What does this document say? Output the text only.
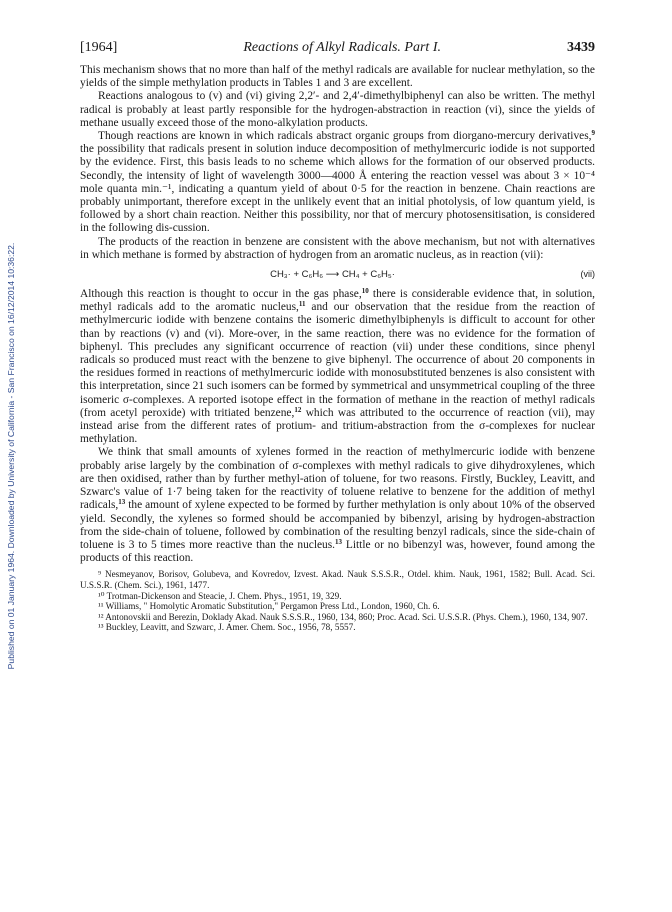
Published on 01 January 1964. Downloaded by University of California - San Francisco on 16/12/2014 10:36:22.
[1964]	Reactions of Alkyl Radicals. Part I.	3439

This mechanism shows that no more than half of the methyl radicals are available for nuclear methylation, so the yields of the simple methylation products in Tables 1 and 3 are excellent.

Reactions analogous to (v) and (vi) giving 2,2′- and 2,4′-dimethylbiphenyl can also be written. The methyl radical is probably at least partly responsible for the hydrogen-abstraction in reaction (vi), since the yields of methane usually exceed those of the mono-alkylation products.

Though reactions are known in which radicals abstract organic groups from diorgano-mercury derivatives,$^9$ the possibility that radicals present in solution induce decomposition of methylmercuric iodide is not supported by the evidence. First, this basis leads to no scheme which allows for the formation of our observed products. Secondly, the intensity of light of wavelength 3000—4000 Å entering the reaction vessel was about 3 × 10⁻⁴ mole quanta min.⁻¹, indicating a quantum yield of about 0·5 for the reaction in benzene. Chain reactions are probably unimportant, therefore except in the unlikely event that an initial photolysis, of low quantum yield, is followed by a short chain reaction. Neither this possibility, nor that of mercury photosensitisation, is considered in the following dis-cussion.

The products of the reaction in benzene are consistent with the above mechanism, but not with alternatives in which methane is formed by abstraction of hydrogen from an aromatic nucleus, as in reaction (vii):

CH₃· + C₆H₆ ⟶ CH₄ + C₆H₅·	(vii)

Although this reaction is thought to occur in the gas phase,$^{10}$ there is considerable evidence that, in solution, methyl radicals add to the aromatic nucleus,$^{11}$ and our observation that the residue from the reaction of methylmercuric iodide with benzene contains the isomeric dimethylbiphenyls is difficult to account for other than by reactions (v) and (vi). More-over, in the same reaction, there was no evidence for the formation of biphenyl. This precludes any significant occurrence of reaction (vii) under these conditions, since phenyl radicals so produced must react with the benzene to give biphenyl. The occurrence of about 20 components in the residues formed in reactions of methylmercuric iodide with monosubstituted benzenes is also consistent with this interpretation, since 21 such isomers can be formed by symmetrical and unsymmetrical coupling of the three isomeric σ-complexes. A reported isotope effect in the formation of methane in the reaction of methyl radicals (from acetyl peroxide) with tritiated benzene,$^{12}$ which was attributed to the occurrence of reaction (vii), may instead arise from the different rates of protium- and tritium-abstraction from the σ-complexes for nuclear methylation.

We think that small amounts of xylenes formed in the reaction of methylmercuric iodide with benzene probably arise largely by the combination of σ-complexes with methyl radicals to give dihydroxylenes, which are then oxidised, rather than by further methyl-ation of toluene, for two reasons. Firstly, Buckley, Leavitt, and Szwarc's value of 1·7 being taken for the reactivity of toluene relative to benzene for the addition of methyl radicals,$^{13}$ the amount of xylene expected to be formed by further methylation is only about 10% of the observed yield. Secondly, the xylenes so formed should be accompanied by bibenzyl, arising by hydrogen-abstraction from the side-chain of toluene, followed by combination of the resulting benzyl radicals, since the side-chain of toluene is 3 to 5 times more reactive than the nucleus.$^{13}$ Little or no bibenzyl was, however, found among the products of this reaction.

⁹ Nesmeyanov, Borisov, Golubeva, and Kovredov, Izvest. Akad. Nauk S.S.S.R., Otdel. khim. Nauk, 1961, 1582; Bull. Acad. Sci. U.S.S.R. (Chem. Sci.), 1961, 1477.

¹⁰ Trotman-Dickenson and Steacie, J. Chem. Phys., 1951, 19, 329.

¹¹ Williams, " Homolytic Aromatic Substitution," Pergamon Press Ltd., London, 1960, Ch. 6.

¹² Antonovskii and Berezin, Doklady Akad. Nauk S.S.S.R., 1960, 134, 860; Proc. Acad. Sci. U.S.S.R. (Phys. Chem.), 1960, 134, 907.

¹³ Buckley, Leavitt, and Szwarc, J. Amer. Chem. Soc., 1956, 78, 5557.
